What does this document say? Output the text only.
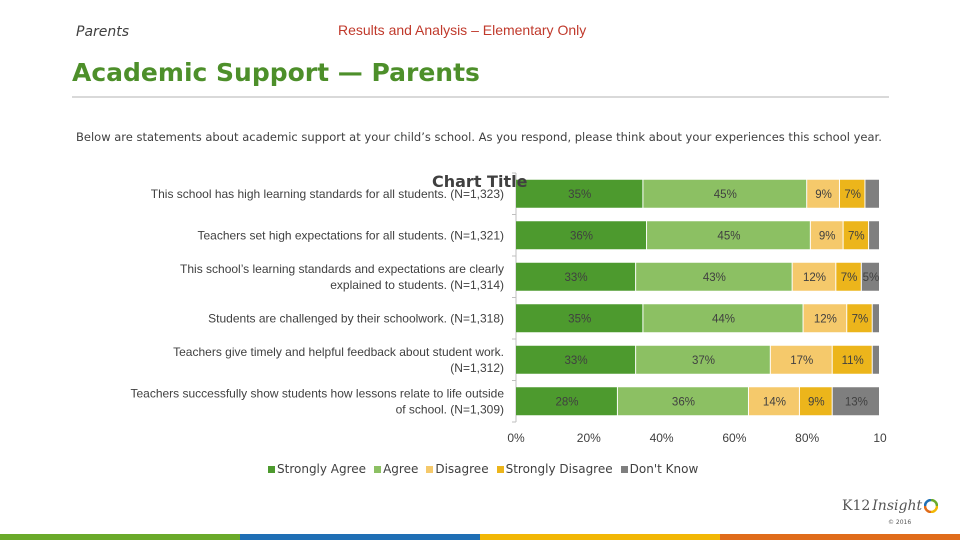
Parents	Results and Analysis – Elementary Only
Academic Support — Parents
Below are statements about academic support at your child’s school. As you respond, please think about your experiences this school year.
This school has high learning standards for all students. (N=1,323)	35%	45%	9% 7%
Teachers set high expectations for all students. (N=1,321)	36%	45%	9% 7%
This school’s learning standards and expectations are clearly explained to students. (N=1,314)	33%	43%	12% 7% 5%
Students are challenged by their schoolwork. (N=1,318)	35%	44%	12% 7%
Teachers give timely and helpful feedback about student work. (N=1,312)	33%	37%	17% 11%
Teachers successfully show students how lessons relate to life outside of school. (N=1,309)	28%	36%	14% 9% 13%
0%	20%	40%	60%	80%	10
Chart Title
Strongly Agree Agree Disagree Strongly Disagree Don't Know
K12 Insight
© 2016
